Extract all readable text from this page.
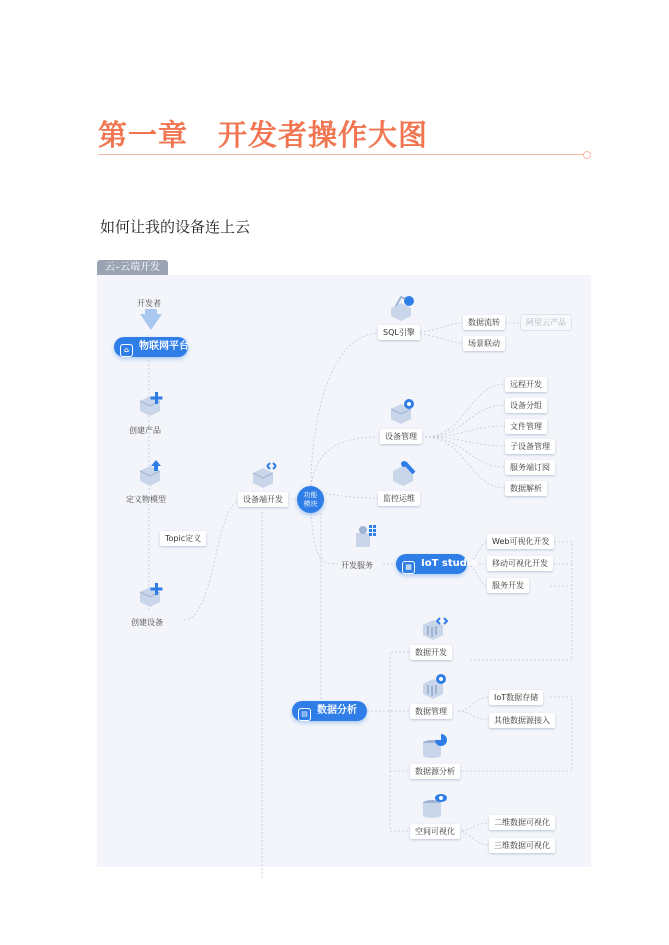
第一章　开发者操作大图
如何让我的设备连上云
云–云端开发
开发者
⌂ 物联网平台
创建产品
定义物模型
Topic定义
创建设备
设备端开发
功能
模块
SQL引擎
数据流转	阿里云产品
场景联动
设备管理
远程开发
设备分组
文件管理
子设备管理
服务端订阅
数据解析
监控运维
开发服务	▦ IoT studio
Web可视化开发
移动可视化开发
服务开发
▤ 数据分析
数据开发
数据管理
IoT数据存储
其他数据源接入
数据源分析
空间可视化
二维数据可视化
三维数据可视化
